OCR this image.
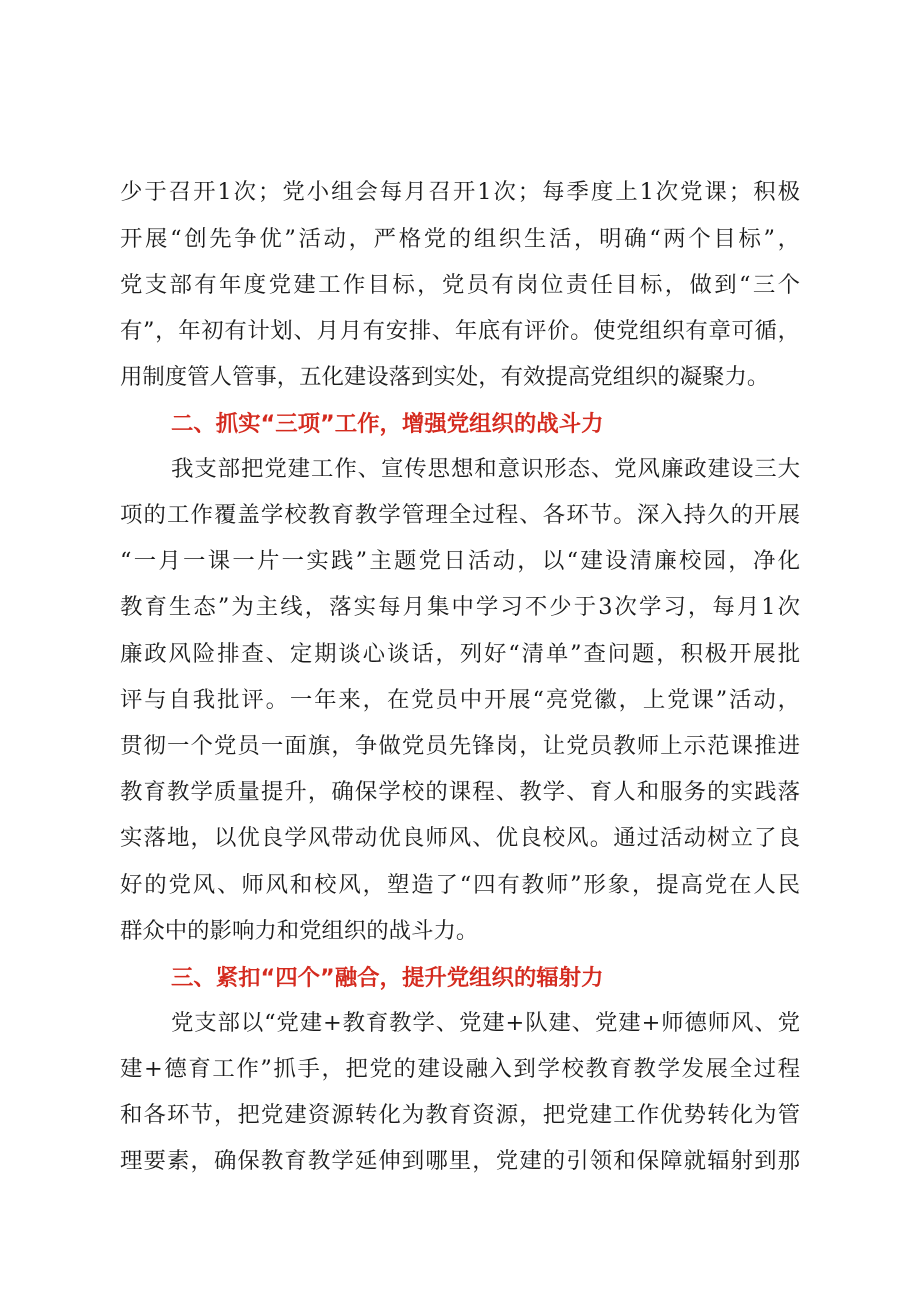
少于召开1次；党小组会每月召开1次；每季度上1次党课；积极
开展“创先争优”活动，严格党的组织生活，明确“两个目标”，
党支部有年度党建工作目标，党员有岗位责任目标，做到“三个
有”，年初有计划、月月有安排、年底有评价。使党组织有章可循，
用制度管人管事，五化建设落到实处，有效提高党组织的凝聚力。
二、抓实“三项”工作，增强党组织的战斗力
我支部把党建工作、宣传思想和意识形态、党风廉政建设三大
项的工作覆盖学校教育教学管理全过程、各环节。深入持久的开展
“一月一课一片一实践”主题党日活动，以“建设清廉校园，净化
教育生态”为主线，落实每月集中学习不少于3次学习，每月1次
廉政风险排查、定期谈心谈话，列好“清单”查问题，积极开展批
评与自我批评。一年来，在党员中开展“亮党徽，上党课”活动，
贯彻一个党员一面旗，争做党员先锋岗，让党员教师上示范课推进
教育教学质量提升，确保学校的课程、教学、育人和服务的实践落
实落地，以优良学风带动优良师风、优良校风。通过活动树立了良
好的党风、师风和校风，塑造了“四有教师”形象，提高党在人民
群众中的影响力和党组织的战斗力。
三、紧扣“四个”融合，提升党组织的辐射力
党支部以“党建+教育教学、党建+队建、党建+师德师风、党
建+德育工作”抓手，把党的建设融入到学校教育教学发展全过程
和各环节，把党建资源转化为教育资源，把党建工作优势转化为管
理要素，确保教育教学延伸到哪里，党建的引领和保障就辐射到那
